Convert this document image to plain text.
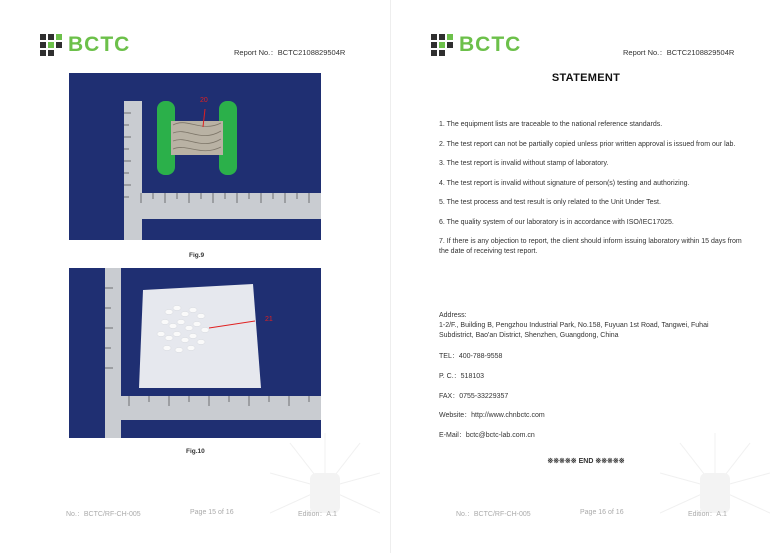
BCTC	Report No.：BCTC2108829504R
20
Fig.9
21
Fig.10
No.：BCTC/RF-CH-005	Page 15 of 16	Edition：A.1
BCTC	Report No.：BCTC2108829504R
STATEMENT

1. The equipment lists are traceable to the national reference standards.

2. The test report can not be partially copied unless prior written approval is issued from our lab.

3. The test report is invalid without stamp of laboratory.

4. The test report is invalid without signature of person(s) testing and authorizing.

5. The test process and test result is only related to the Unit Under Test.

6. The quality system of our laboratory is in accordance with ISO/IEC17025.

7. If there is any objection to report, the client should inform issuing laboratory within 15 days from the date of receiving test report.

Address:
1-2/F., Building B, Pengzhou Industrial Park, No.158, Fuyuan 1st Road, Tangwei, Fuhai Subdistrict, Bao'an District, Shenzhen, Guangdong, China
TEL：400-788-9558
P. C.：518103
FAX：0755-33229357
Website：http://www.chnbctc.com
E-Mail：bctc@bctc-lab.com.cn
※※※※※ END ※※※※※
No.：BCTC/RF-CH-005	Page 16 of 16	Edition：A.1
